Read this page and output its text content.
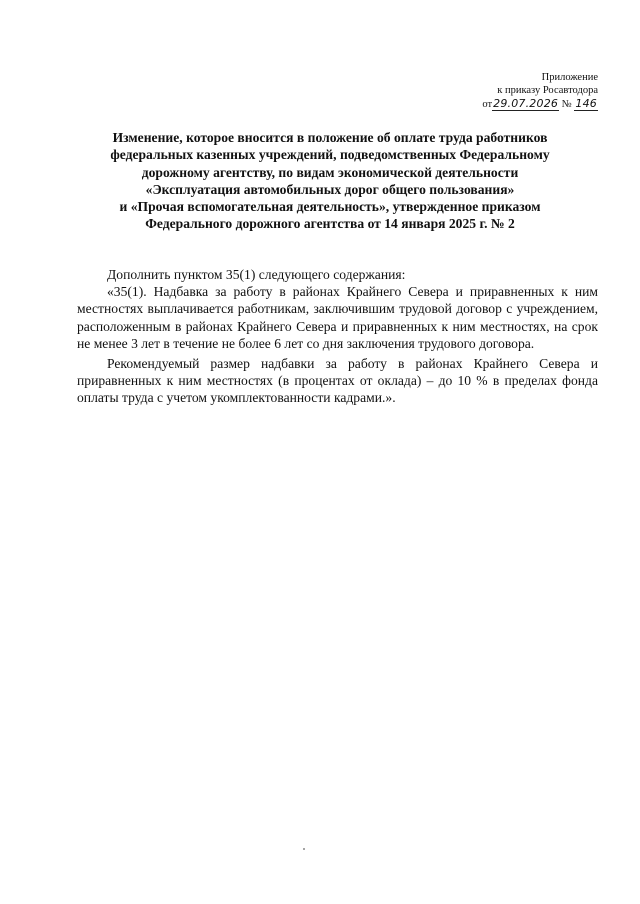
Приложение
к приказу Росавтодора
от29.07.2026 № 146
Изменение, которое вносится в положение об оплате труда работников
федеральных казенных учреждений, подведомственных Федеральному
дорожному агентству, по видам экономической деятельности
«Эксплуатация автомобильных дорог общего пользования»
и «Прочая вспомогательная деятельность», утвержденное приказом
Федерального дорожного агентства от 14 января 2025 г. № 2

Дополнить пунктом 35(1) следующего содержания:

«35(1). Надбавка за работу в районах Крайнего Севера и приравненных к ним местностях выплачивается работникам, заключившим трудовой договор с учреждением, расположенным в районах Крайнего Севера и приравненных к ним местностях, на срок не менее 3 лет в течение не более 6 лет со дня заключения трудового договора.

Рекомендуемый размер надбавки за работу в районах Крайнего Севера и приравненных к ним местностях (в процентах от оклада) – до 10 % в пределах фонда оплаты труда с учетом укомплектованности кадрами.».
